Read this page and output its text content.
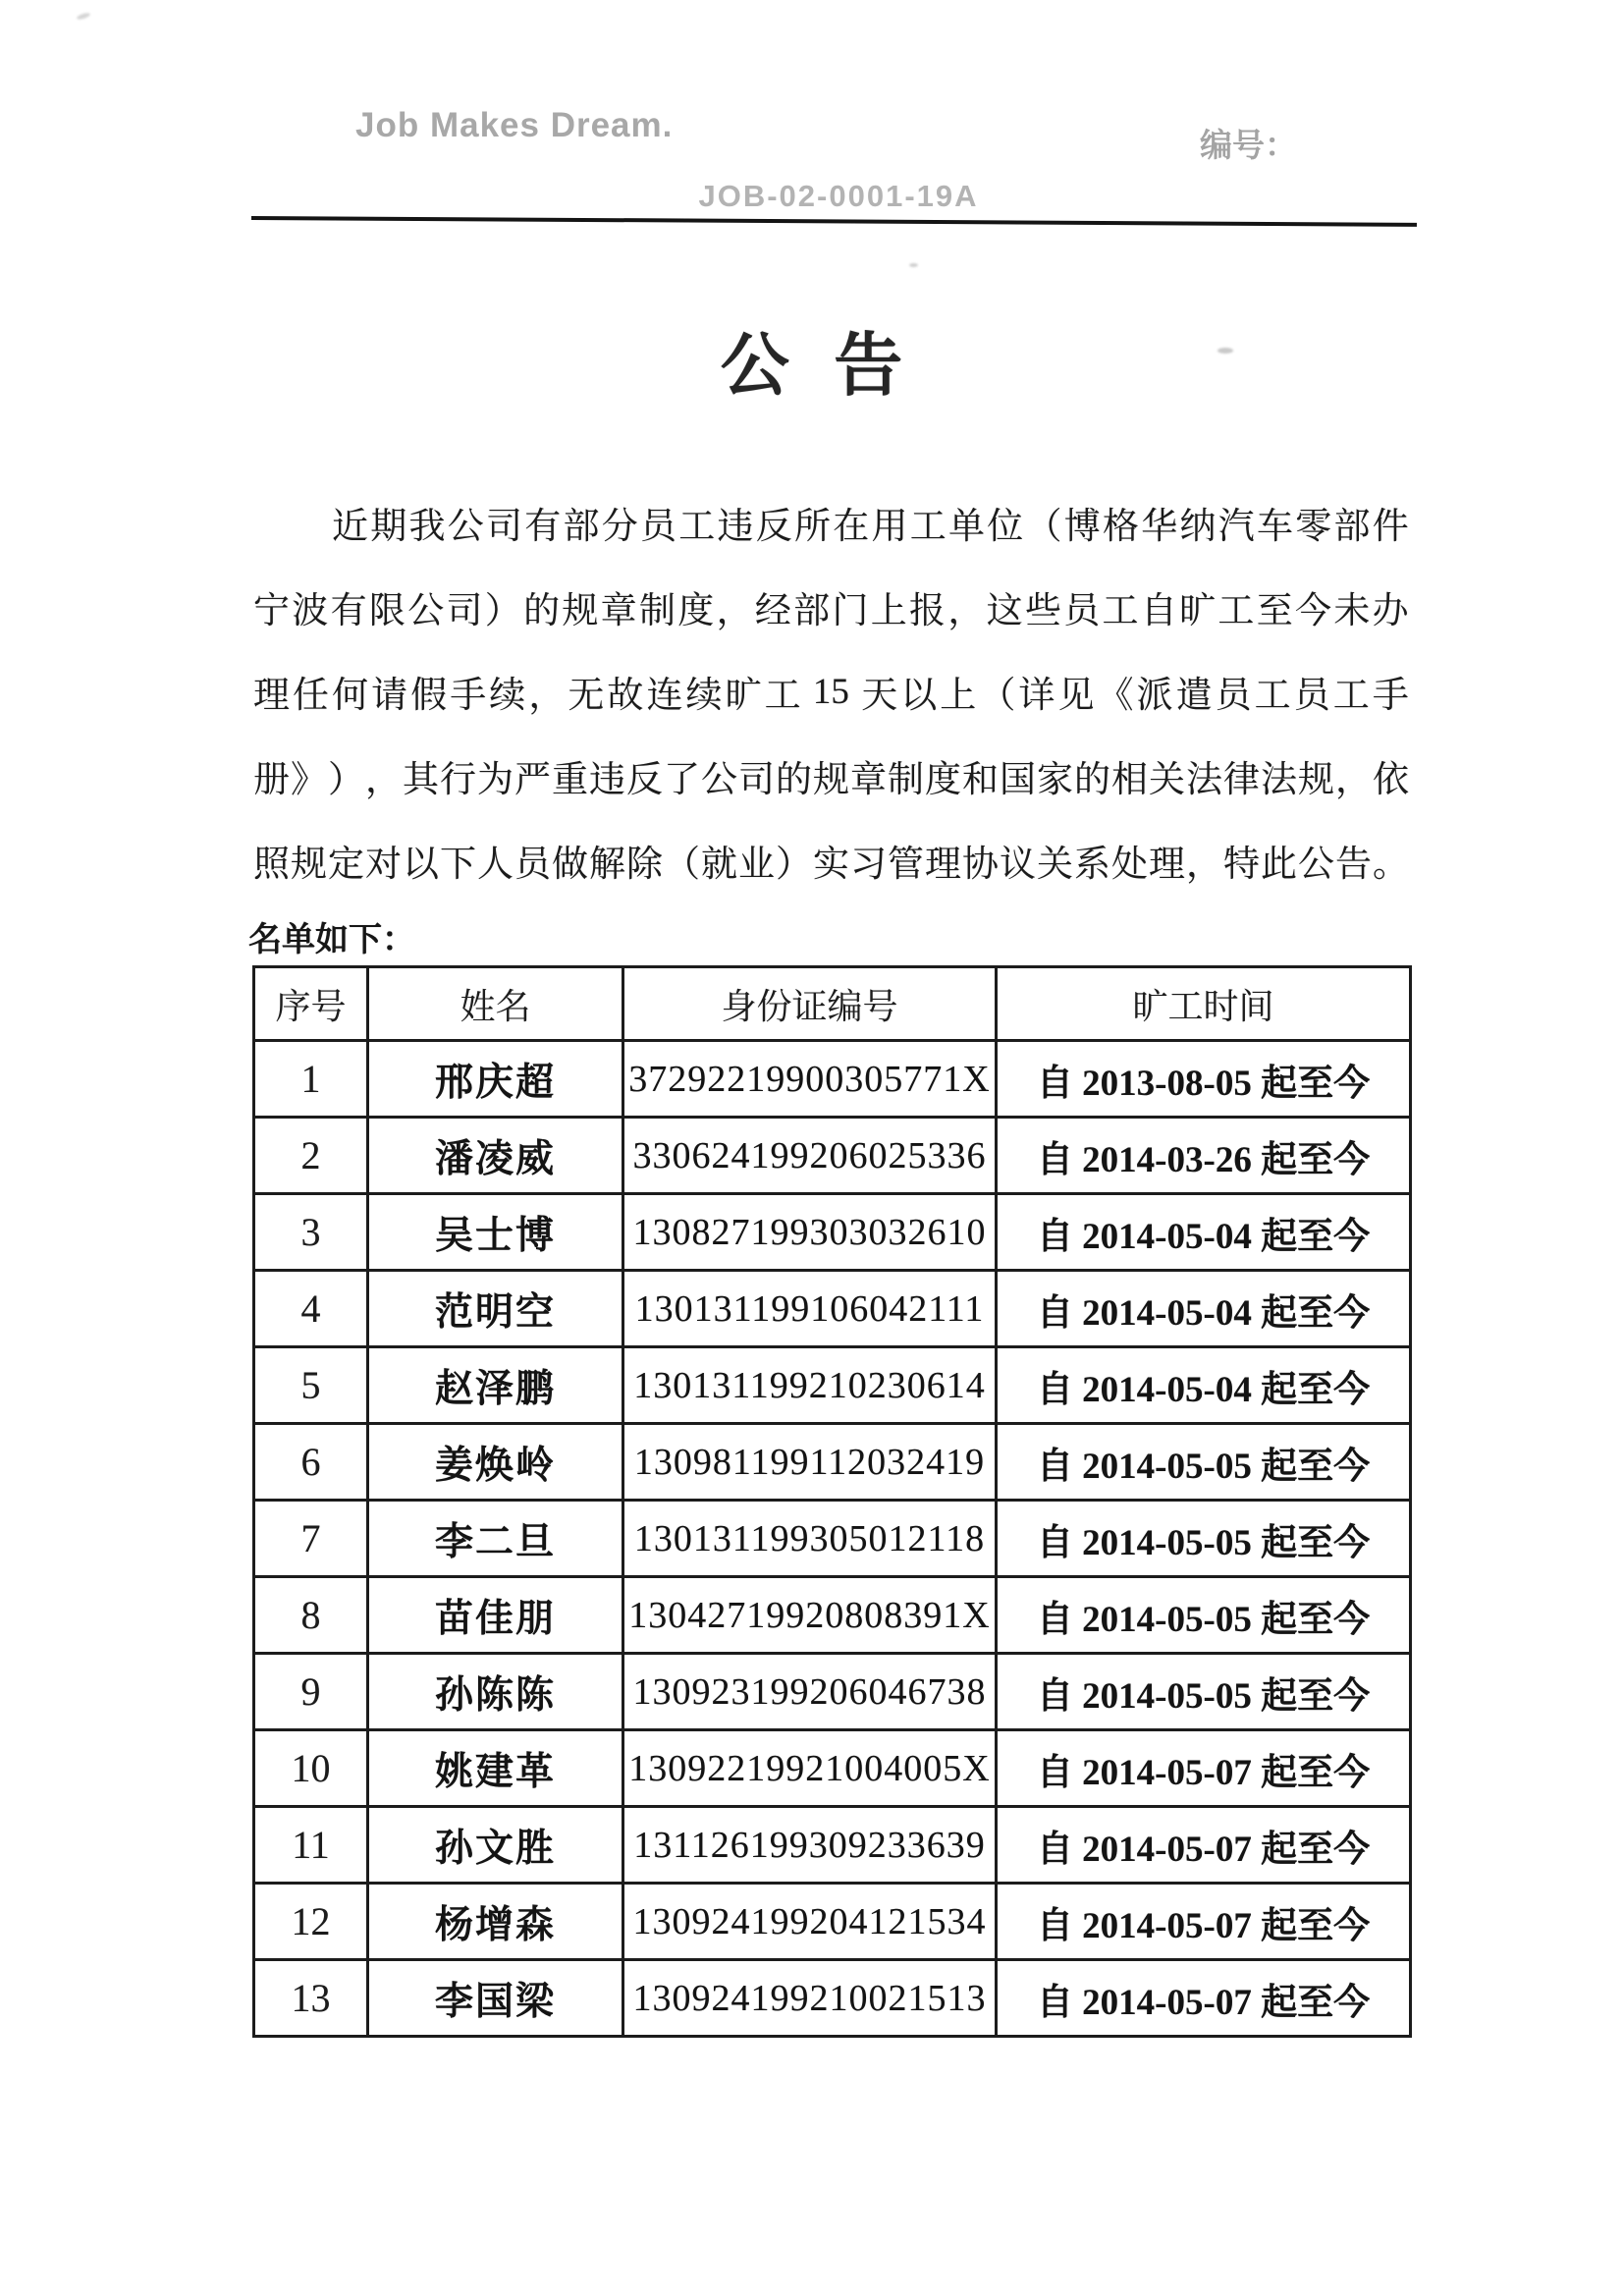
Job Makes Dream.
编号：
JOB-02-0001-19A
公 告
近 期 我 公 司 有 部 分 员 工 违 反 所 在 用 工 单 位 （ 博 格 华 纳 汽 车 零 部 件
宁 波 有 限 公 司 ） 的 规 章 制 度 ， 经 部 门 上 报 ， 这 些 员 工 自 旷 工 至 今 未 办
理 任 何 请 假 手 续 ， 无 故 连 续 旷 工 15 天 以 上 （ 详 见 《 派 遣 员 工 员 工 手
册 》 ） ， 其 行 为 严 重 违 反 了 公 司 的 规 章 制 度 和 国 家 的 相 关 法 律 法 规 ， 依
照 规 定 对 以 下 人 员 做 解 除 （ 就 业 ） 实 习 管 理 协 议 关 系 处 理 ， 特 此 公 告 。
名单如下：
序号	姓名	身份证编号	旷工时间
1	邢庆超	37292219900305771X	自 2013-08-05 起至今
2	潘凌威	330624199206025336	自 2014-03-26 起至今
3	吴士博	130827199303032610	自 2014-05-04 起至今
4	范明空	130131199106042111	自 2014-05-04 起至今
5	赵泽鹏	130131199210230614	自 2014-05-04 起至今
6	姜焕岭	130981199112032419	自 2014-05-05 起至今
7	李二旦	130131199305012118	自 2014-05-05 起至今
8	苗佳朋	13042719920808391X	自 2014-05-05 起至今
9	孙陈陈	130923199206046738	自 2014-05-05 起至今
10	姚建革	13092219921004005X	自 2014-05-07 起至今
11	孙文胜	131126199309233639	自 2014-05-07 起至今
12	杨增森	130924199204121534	自 2014-05-07 起至今
13	李国梁	130924199210021513	自 2014-05-07 起至今
